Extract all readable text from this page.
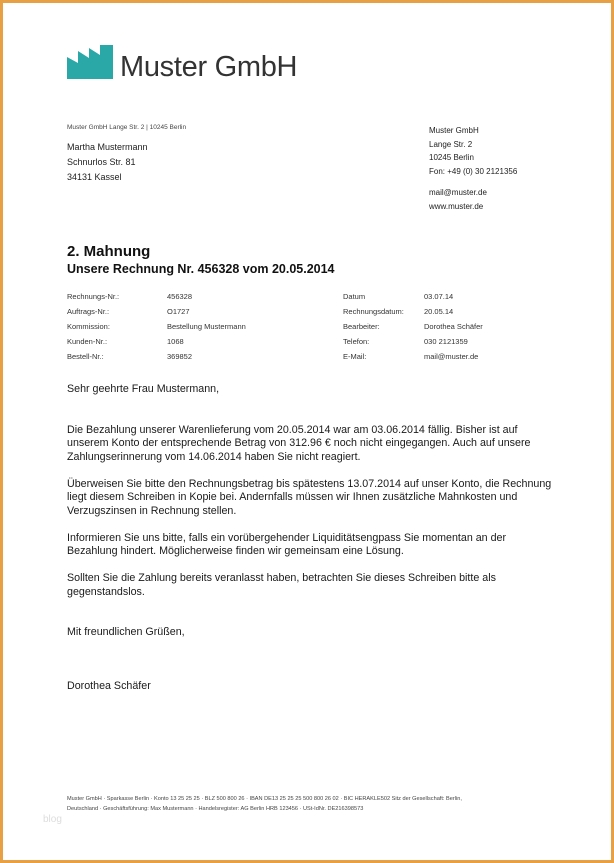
Muster GmbH
Muster GmbH Lange Str. 2 | 10245 Berlin
Martha Mustermann
Schnurlos Str. 81
34131 Kassel
Muster GmbH
Lange Str. 2
10245 Berlin
Fon: +49 (0) 30 2121356
mail@muster.de
www.muster.de
2. Mahnung
Unsere Rechnung Nr. 456328 vom 20.05.2014
Rechnungs-Nr.:
Auftrags-Nr.:
Kommission:
Kunden-Nr.:
Bestell-Nr.:
456328
O1727
Bestellung Mustermann
1068
369852
Datum
Rechnungsdatum:
Bearbeiter:
Telefon:
E-Mail:
03.07.14
20.05.14
Dorothea Schäfer
030 2121359
mail@muster.de

Sehr geehrte Frau Mustermann,

Die Bezahlung unserer Warenlieferung vom 20.05.2014 war am 03.06.2014 fällig. Bisher ist auf unserem Konto der entsprechende Betrag von 312.96 € noch nicht eingegangen. Auch auf unsere Zahlungserinnerung vom 14.06.2014 haben Sie nicht reagiert.

Überweisen Sie bitte den Rechnungsbetrag bis spätestens 13.07.2014 auf unser Konto, die Rechnung liegt diesem Schreiben in Kopie bei. Andernfalls müssen wir Ihnen zusätzliche Mahnkosten und Verzugszinsen in Rechnung stellen.

Informieren Sie uns bitte, falls ein vorübergehender Liquiditätsengpass Sie momentan an der Bezahlung hindert. Möglicherweise finden wir gemeinsam eine Lösung.

Sollten Sie die Zahlung bereits veranlasst haben, betrachten Sie dieses Schreiben bitte als gegenstandslos.

Mit freundlichen Grüßen,

Dorothea Schäfer

Muster GmbH · Sparkasse Berlin · Konto 13 25 25 25 · BLZ 500 800 26 · IBAN DE13 25 25 25 500 800 26 02 · BIC HERAKLE502 Sitz der Gesellschaft: Berlin,
Deutschland · Geschäftsführung: Max Mustermann · Handelsregister: AG Berlin HRB 123456 · USt-IdNr. DE216398573
blog
